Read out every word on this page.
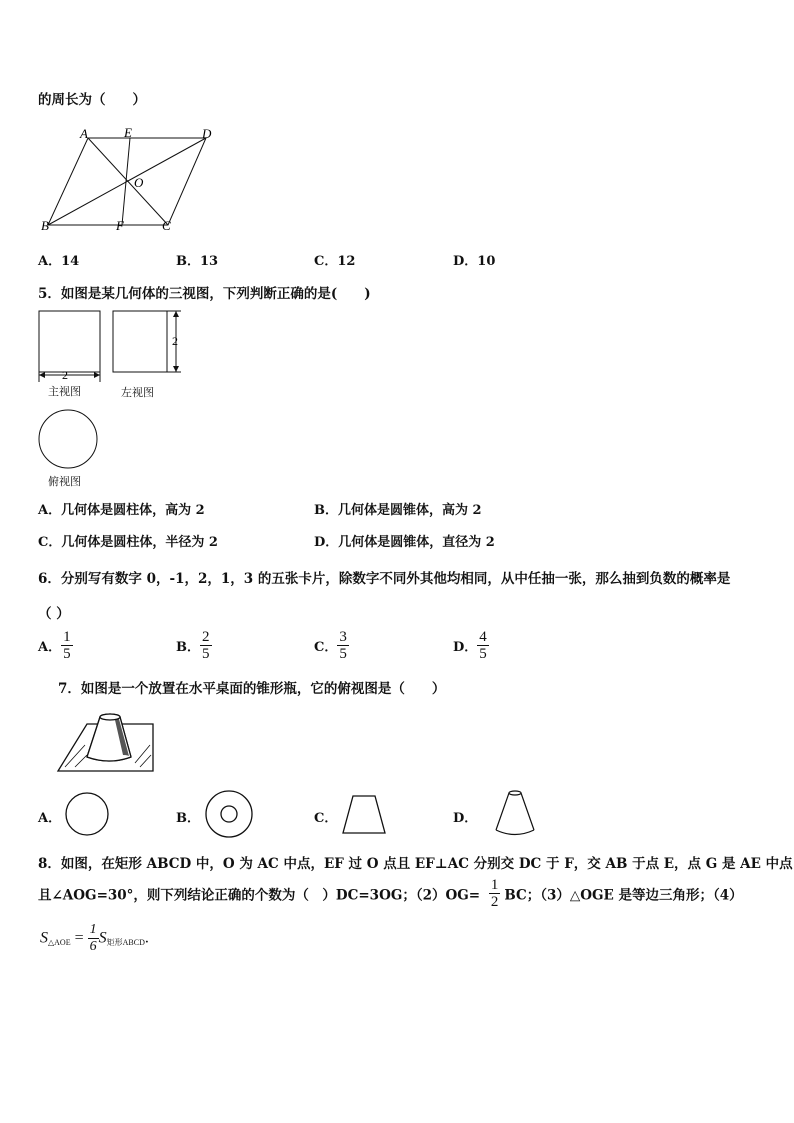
的周长为（　　）
A	E	D
O
B	F	C
A．14	B．13	C．12	D．10
5．如图是某几何体的三视图，下列判断正确的是(　　)
2
2
主视图	左视图
俯视图
A．几何体是圆柱体，高为 2	B．几何体是圆锥体，高为 2
C．几何体是圆柱体，半径为 2	D．几何体是圆锥体，直径为 2
6．分别写有数字 0，-1，2，1，3 的五张卡片，除数字不同外其他均相同，从中任抽一张，那么抽到负数的概率是
（ ）
A． $\frac{1}{5}$	B． $\frac{2}{5}$	C． $\frac{3}{5}$	D． $\frac{4}{5}$
7．如图是一个放置在水平桌面的锥形瓶，它的俯视图是（　　）
A．	B．	C．	D．
8．如图，在矩形 ABCD 中，O 为 AC 中点，EF 过 O 点且 EF⊥AC 分别交 DC 于 F，交 AB 于点 E，点 G 是 AE 中点
且∠AOG=30°，则下列结论正确的个数为（　）DC=3OG；$(2)OG= \frac{1}{2}$ BC；（3）△OGE 是等边三角形；（4）
$S_{\triangle AOE} = \frac{1}{6} S_{矩形ABCD}$.
